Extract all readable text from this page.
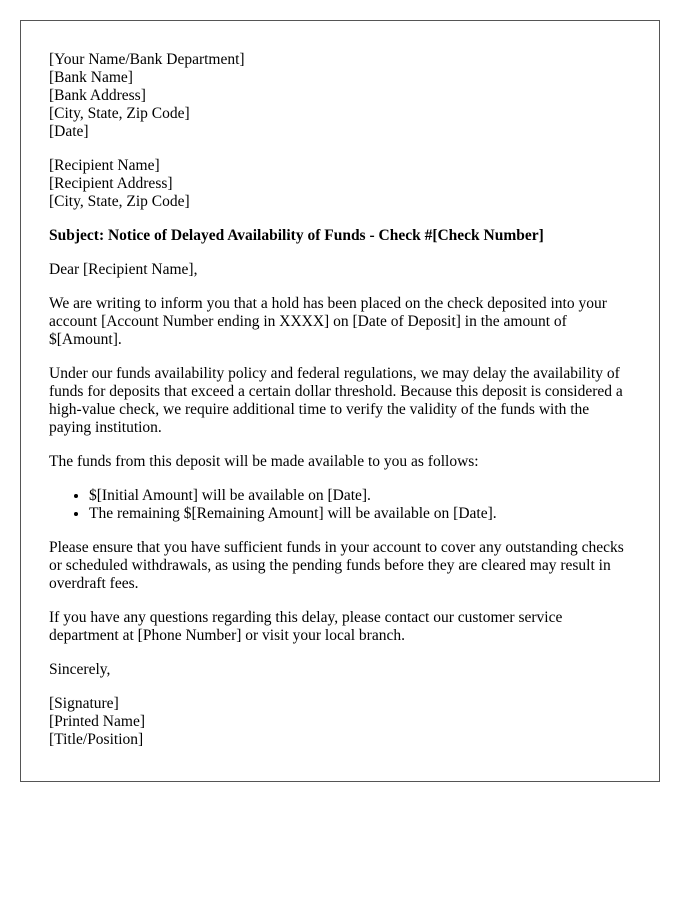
[Your Name/Bank Department]
[Bank Name]
[Bank Address]
[City, State, Zip Code]
[Date]
[Recipient Name]
[Recipient Address]
[City, State, Zip Code]

Subject: Notice of Delayed Availability of Funds - Check #[Check Number]

Dear [Recipient Name],

We are writing to inform you that a hold has been placed on the check deposited into your account [Account Number ending in XXXX] on [Date of Deposit] in the amount of $[Amount].

Under our funds availability policy and federal regulations, we may delay the availability of funds for deposits that exceed a certain dollar threshold. Because this deposit is considered a high-value check, we require additional time to verify the validity of the funds with the paying institution.

The funds from this deposit will be made available to you as follows:

• $[Initial Amount] will be available on [Date].
• The remaining $[Remaining Amount] will be available on [Date].

Please ensure that you have sufficient funds in your account to cover any outstanding checks or scheduled withdrawals, as using the pending funds before they are cleared may result in overdraft fees.

If you have any questions regarding this delay, please contact our customer service department at [Phone Number] or visit your local branch.

Sincerely,

[Signature]
[Printed Name]
[Title/Position]
